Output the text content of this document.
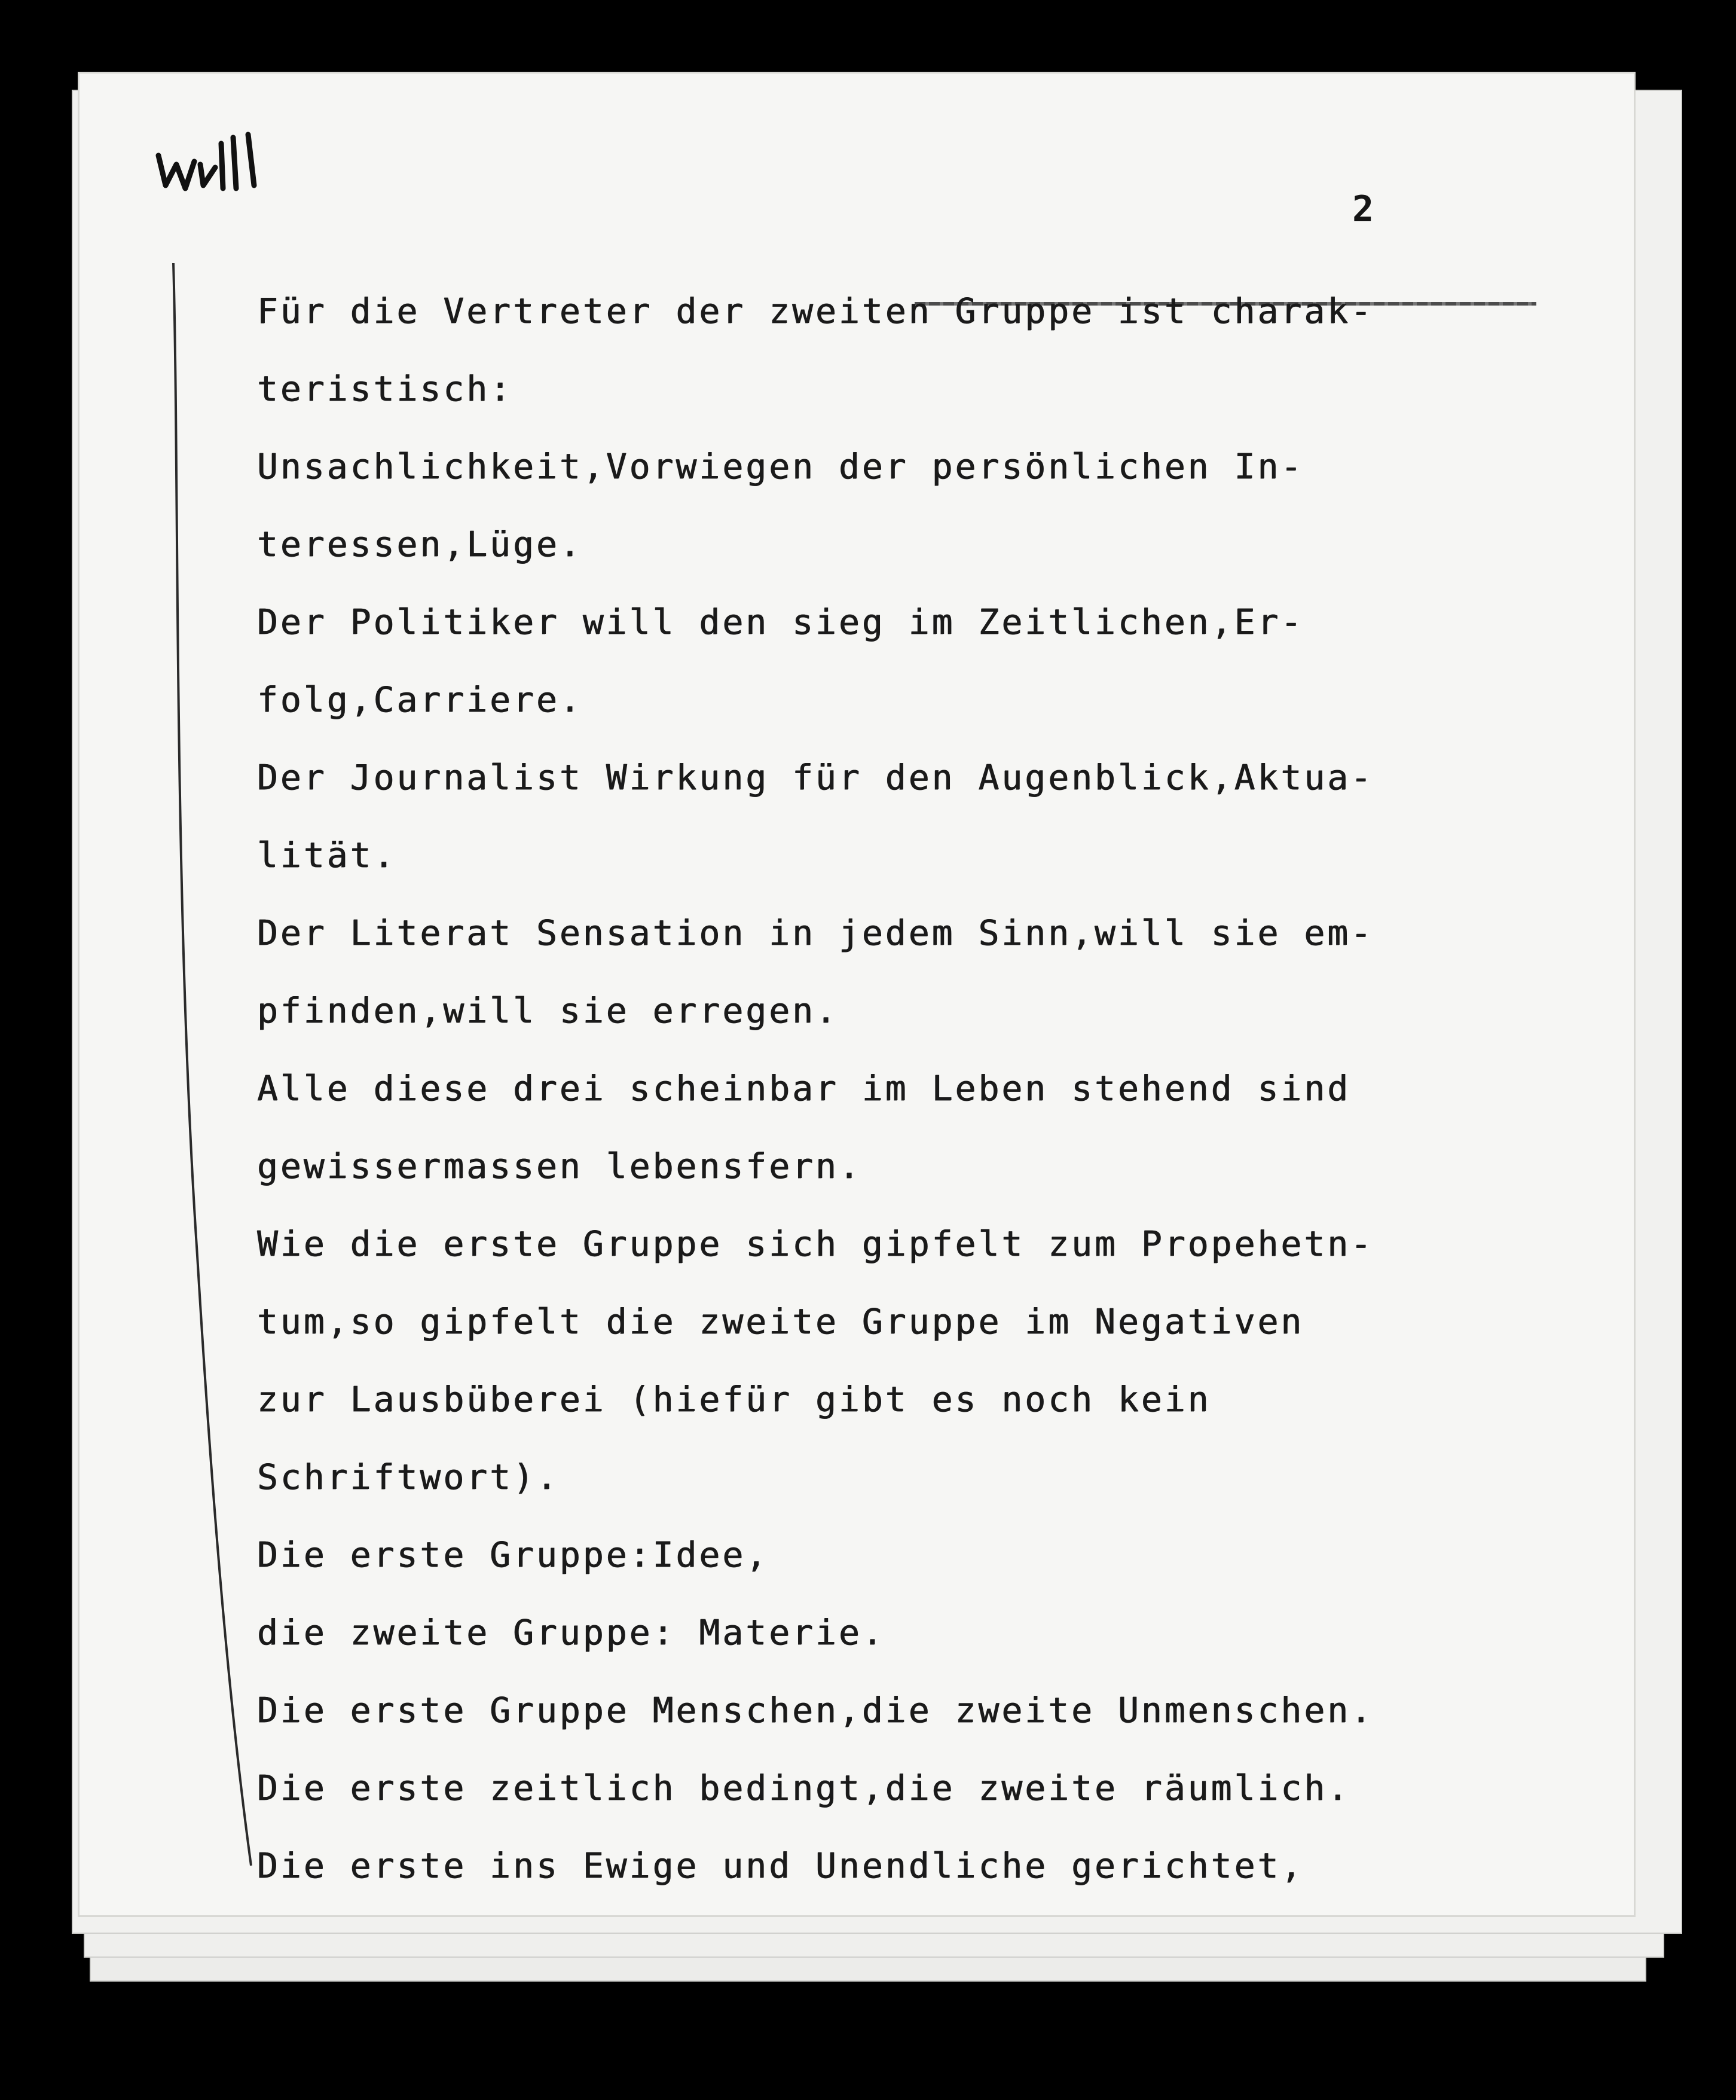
2
Für die Vertreter der zweiten Gruppe ist charak-
teristisch:
Unsachlichkeit,Vorwiegen der persönlichen In-
teressen,Lüge.
Der Politiker will den sieg im Zeitlichen,Er-
folg,Carriere.
Der Journalist Wirkung für den Augenblick,Aktua-
lität.
Der Literat Sensation in jedem Sinn,will sie em-
pfinden,will sie erregen.
Alle diese drei scheinbar im Leben stehend sind
gewissermassen lebensfern.
Wie die erste Gruppe sich gipfelt zum Propehetn-
tum,so gipfelt die zweite Gruppe im Negativen
zur Lausbüberei (hiefür gibt es noch kein
Schriftwort).
Die erste Gruppe:Idee,
die zweite Gruppe: Materie.
Die erste Gruppe Menschen,die zweite Unmenschen.
Die erste zeitlich bedingt,die zweite räumlich.
Die erste ins Ewige und Unendliche gerichtet,
